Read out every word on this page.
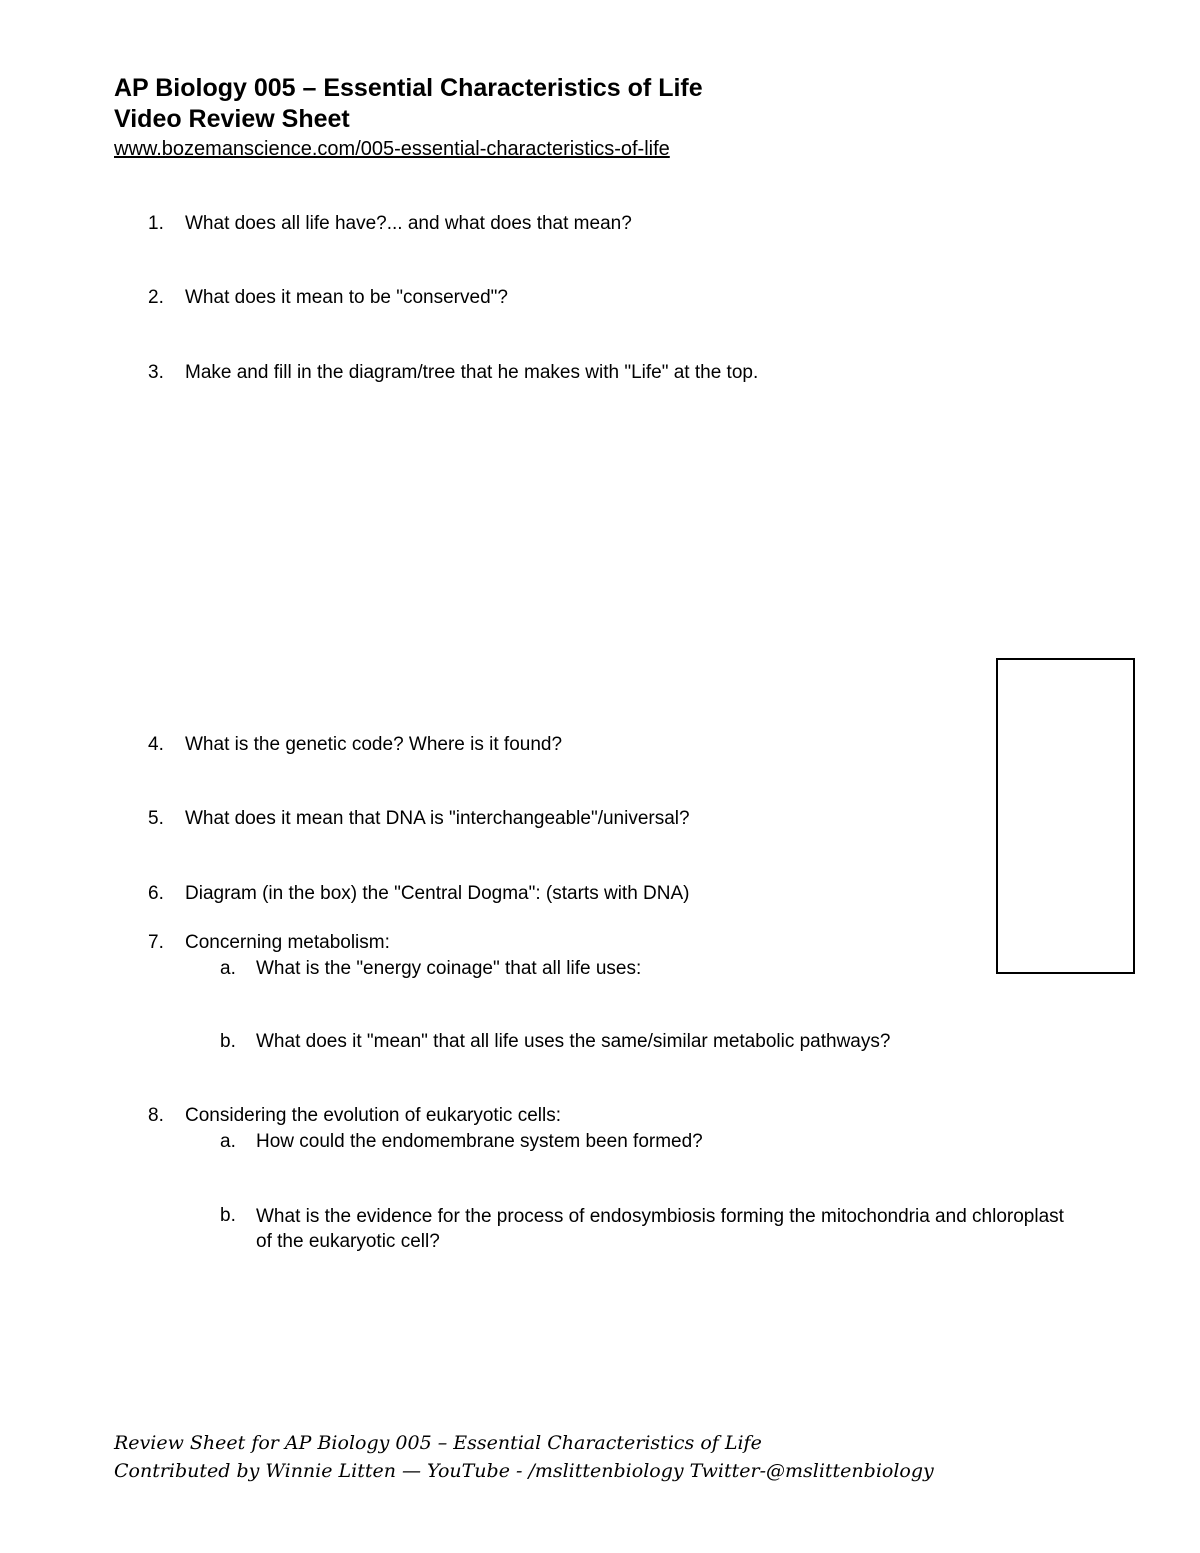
AP Biology 005 – Essential Characteristics of Life
Video Review Sheet
www.bozemanscience.com/005-essential-characteristics-of-life
1. What does all life have?... and what does that mean?
2. What does it mean to be "conserved"?
3. Make and fill in the diagram/tree that he makes with "Life" at the top.
4. What is the genetic code? Where is it found?
5. What does it mean that DNA is "interchangeable"/universal?
6. Diagram (in the box) the "Central Dogma": (starts with DNA)
7. Concerning metabolism:
a. What is the "energy coinage" that all life uses:
b. What does it "mean" that all life uses the same/similar metabolic pathways?
8. Considering the evolution of eukaryotic cells:
a. How could the endomembrane system been formed?
b. What is the evidence for the process of endosymbiosis forming the mitochondria and chloroplast of the eukaryotic cell?
Review Sheet for AP Biology 005 – Essential Characteristics of Life
Contributed by Winnie Litten — YouTube - /mslittenbiology Twitter-@mslittenbiology
